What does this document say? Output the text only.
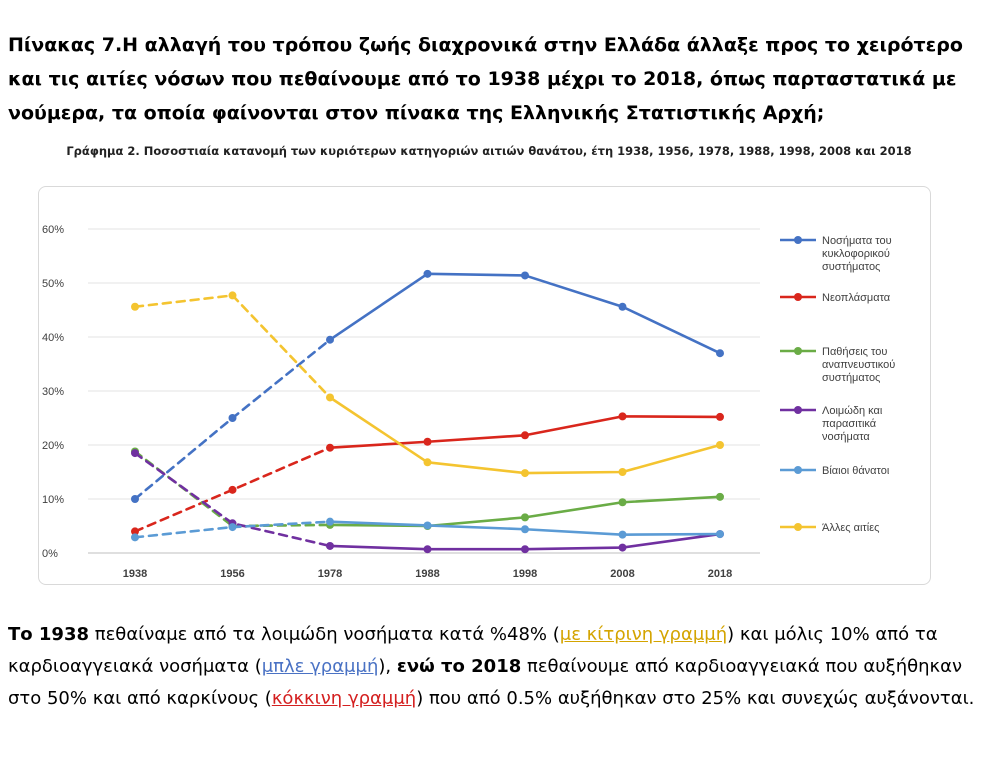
Πίνακας 7.Η αλλαγή του τρόπου ζωής διαχρονικά στην Ελλάδα άλλαξε προς το χειρότερο και τις αιτίες νόσων που πεθαίνουμε από το 1938 μέχρι το 2018, όπως παρταστατικά με νούμερα, τα οποία φαίνονται στον πίνακα της Ελληνικής Στατιστικής Αρχή;

Γράφημα 2. Ποσοστιαία κατανομή των κυριότερων κατηγοριών αιτιών θανάτου, έτη 1938, 1956, 1978, 1988, 1998, 2008 και 2018

0%
10%
20%
30%
40%
50%
60%
1938	1956	1978	1988	1998	2008	2018
Νοσήματα του κυκλοφορικού συστήματος
Νεοπλάσματα
Παθήσεις του αναπνευστικού συστήματος
Λοιμώδη και παρασιτικά νοσήματα
Βίαιοι θάνατοι
Άλλες αιτίες

Το 1938 πεθαίναμε από τα λοιμώδη νοσήματα κατά %48% (με κίτρινη γραμμή) και μόλις 10% από τα καρδιοαγγειακά νοσήματα (μπλε γραμμή), ενώ το 2018 πεθαίνουμε από καρδιοαγγειακά που αυξήθηκαν στο 50% και από καρκίνους (κόκκινη γραμμή) που από 0.5% αυξήθηκαν στο 25% και συνεχώς αυξάνονται.
